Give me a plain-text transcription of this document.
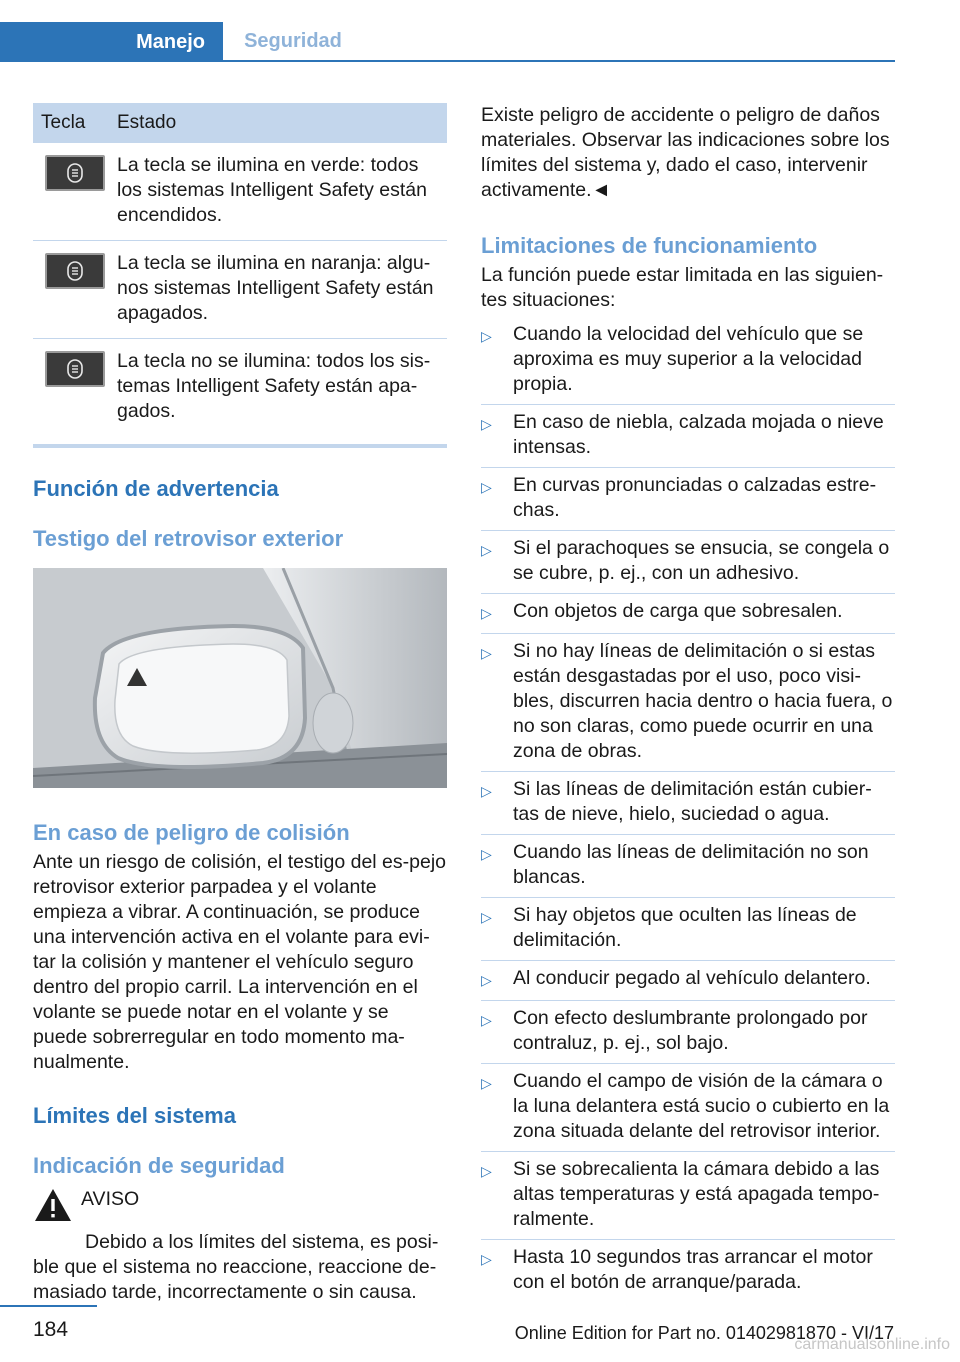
Manejo	Seguridad
Tecla	Estado
La tecla se ilumina en verde: todos los sistemas Intelligent Safety están encendidos.
La tecla se ilumina en naranja: algu-nos sistemas Intelligent Safety están apagados.
La tecla no se ilumina: todos los sis-temas Intelligent Safety están apa-gados.
Función de advertencia
Testigo del retrovisor exterior
En caso de peligro de colisión

Ante un riesgo de colisión, el testigo del es-pejo retrovisor exterior parpadea y el volante empieza a vibrar. A continuación, se produce una intervención activa en el volante para evi-tar la colisión y mantener el vehículo seguro dentro del propio carril. La intervención en el volante se puede notar en el volante y se puede sobrerregular en todo momento ma-nualmente.

Límites del sistema
Indicación de seguridad
AVISO

Debido a los límites del sistema, es posi-ble que el sistema no reaccione, reaccione de-masiado tarde, incorrectamente o sin causa.

Existe peligro de accidente o peligro de daños materiales. Observar las indicaciones sobre los límites del sistema y, dado el caso, intervenir activamente.◄

Limitaciones de funcionamiento

La función puede estar limitada en las siguien-tes situaciones:

▷	Cuando la velocidad del vehículo que se aproxima es muy superior a la velocidad propia.
▷	En caso de niebla, calzada mojada o nieve intensas.
▷	En curvas pronunciadas o calzadas estre-chas.
▷	Si el parachoques se ensucia, se congela o se cubre, p. ej., con un adhesivo.
▷	Con objetos de carga que sobresalen.
▷	Si no hay líneas de delimitación o si estas están desgastadas por el uso, poco visi-bles, discurren hacia dentro o hacia fuera, o no son claras, como puede ocurrir en una zona de obras.
▷	Si las líneas de delimitación están cubier-tas de nieve, hielo, suciedad o agua.
▷	Cuando las líneas de delimitación no son blancas.
▷	Si hay objetos que oculten las líneas de delimitación.
▷	Al conducir pegado al vehículo delantero.
▷	Con efecto deslumbrante prolongado por contraluz, p. ej., sol bajo.
▷	Cuando el campo de visión de la cámara o la luna delantera está sucio o cubierto en la zona situada delante del retrovisor interior.
▷	Si se sobrecalienta la cámara debido a las altas temperaturas y está apagada tempo-ralmente.
▷	Hasta 10 segundos tras arrancar el motor con el botón de arranque/parada.
184	Online Edition for Part no. 01402981870 - VI/17
carmanualsonline.info
